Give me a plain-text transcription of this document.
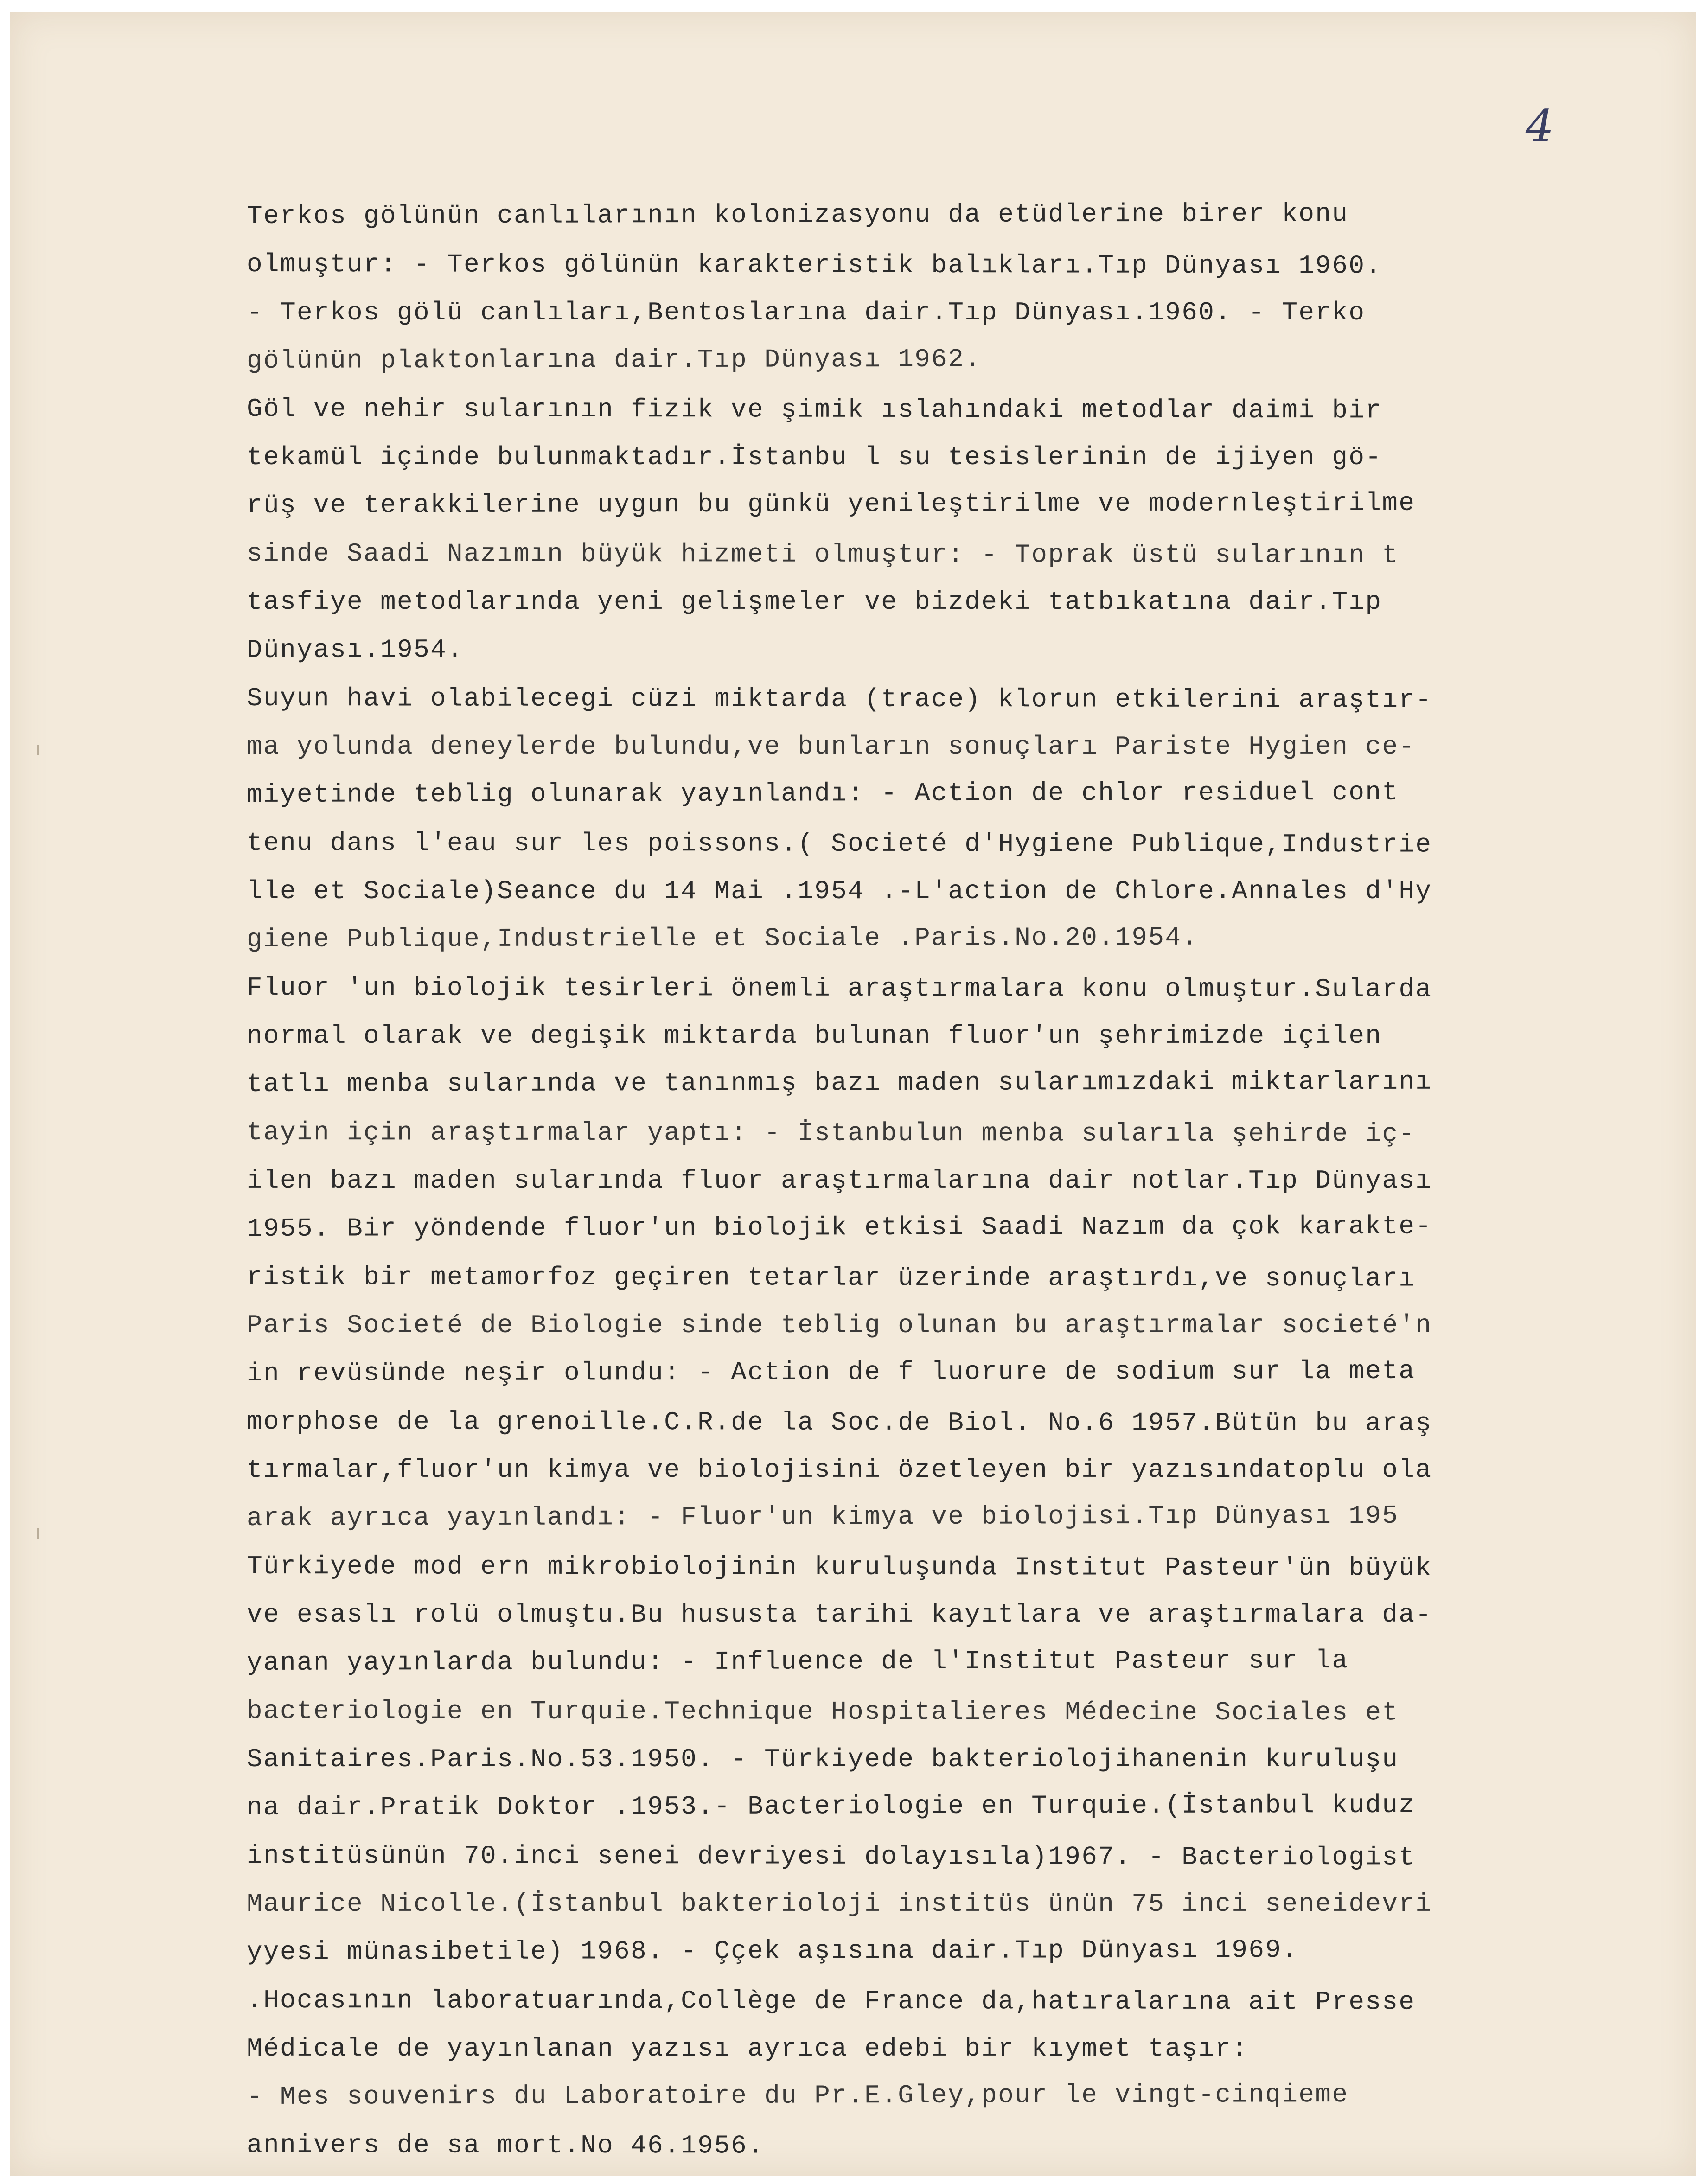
4
Terkos gölünün canlılarının kolonizasyonu da etüdlerine birer konu
olmuştur: - Terkos gölünün karakteristik balıkları.Tıp Dünyası 1960.
- Terkos gölü canlıları,Bentoslarına dair.Tıp Dünyası.1960. - Terko
gölünün plaktonlarına dair.Tıp Dünyası 1962.
Göl ve nehir sularının fizik ve şimik ıslahındaki metodlar daimi bir
tekamül içinde bulunmaktadır.İstanbu l su tesislerinin de ijiyen gö-
rüş ve terakkilerine uygun bu günkü yenileştirilme ve modernleştirilme
sinde Saadi Nazımın büyük hizmeti olmuştur: - Toprak üstü sularının t
tasfiye metodlarında yeni gelişmeler ve bizdeki tatbıkatına dair.Tıp
Dünyası.1954.
Suyun havi olabilecegi cüzi miktarda (trace) klorun etkilerini araştır-
ma yolunda deneylerde bulundu,ve bunların sonuçları Pariste Hygien ce-
miyetinde teblig olunarak yayınlandı: - Action de chlor residuel cont
tenu dans l'eau sur les poissons.( Societé d'Hygiene Publique,Industrie
lle et Sociale)Seance du 14 Mai .1954 .-L'action de Chlore.Annales d'Hy
giene Publique,Industrielle et Sociale .Paris.No.20.1954.
Fluor 'un biolojik tesirleri önemli araştırmalara konu olmuştur.Sularda
normal olarak ve degişik miktarda bulunan fluor'un şehrimizde içilen
tatlı menba sularında ve tanınmış bazı maden sularımızdaki miktarlarını
tayin için araştırmalar yaptı: - İstanbulun menba sularıla şehirde iç-
ilen bazı maden sularında fluor araştırmalarına dair notlar.Tıp Dünyası
1955. Bir yöndende fluor'un biolojik etkisi Saadi Nazım da çok karakte-
ristik bir metamorfoz geçiren tetarlar üzerinde araştırdı,ve sonuçları
Paris Societé de Biologie sinde teblig olunan bu araştırmalar societé'n
in revüsünde neşir olundu: - Action de f luorure de sodium sur la meta
morphose de la grenoille.C.R.de la Soc.de Biol. No.6 1957.Bütün bu araş
tırmalar,fluor'un kimya ve biolojisini özetleyen bir yazısındatoplu ola
arak ayrıca yayınlandı: - Fluor'un kimya ve biolojisi.Tıp Dünyası 195
Türkiyede mod ern mikrobiolojinin kuruluşunda Institut Pasteur'ün büyük
ve esaslı rolü olmuştu.Bu hususta tarihi kayıtlara ve araştırmalara da-
yanan yayınlarda bulundu: - Influence de l'Institut Pasteur sur la
bacteriologie en Turquie.Technique Hospitalieres Médecine Sociales et
Sanitaires.Paris.No.53.1950. - Türkiyede bakteriolojihanenin kuruluşu
na dair.Pratik Doktor .1953.- Bacteriologie en Turquie.(İstanbul kuduz
institüsünün 70.inci senei devriyesi dolayısıla)1967. - Bacteriologist
Maurice Nicolle.(İstanbul bakterioloji institüs ünün 75 inci seneidevri
yyesi münasibetile) 1968. - Ççek aşısına dair.Tıp Dünyası 1969.
.Hocasının laboratuarında,Collège de France da,hatıralarına ait Presse
Médicale de yayınlanan yazısı ayrıca edebi bir kıymet taşır:
- Mes souvenirs du Laboratoire du Pr.E.Gley,pour le vingt-cinqieme
annivers de sa mort.No 46.1956.
